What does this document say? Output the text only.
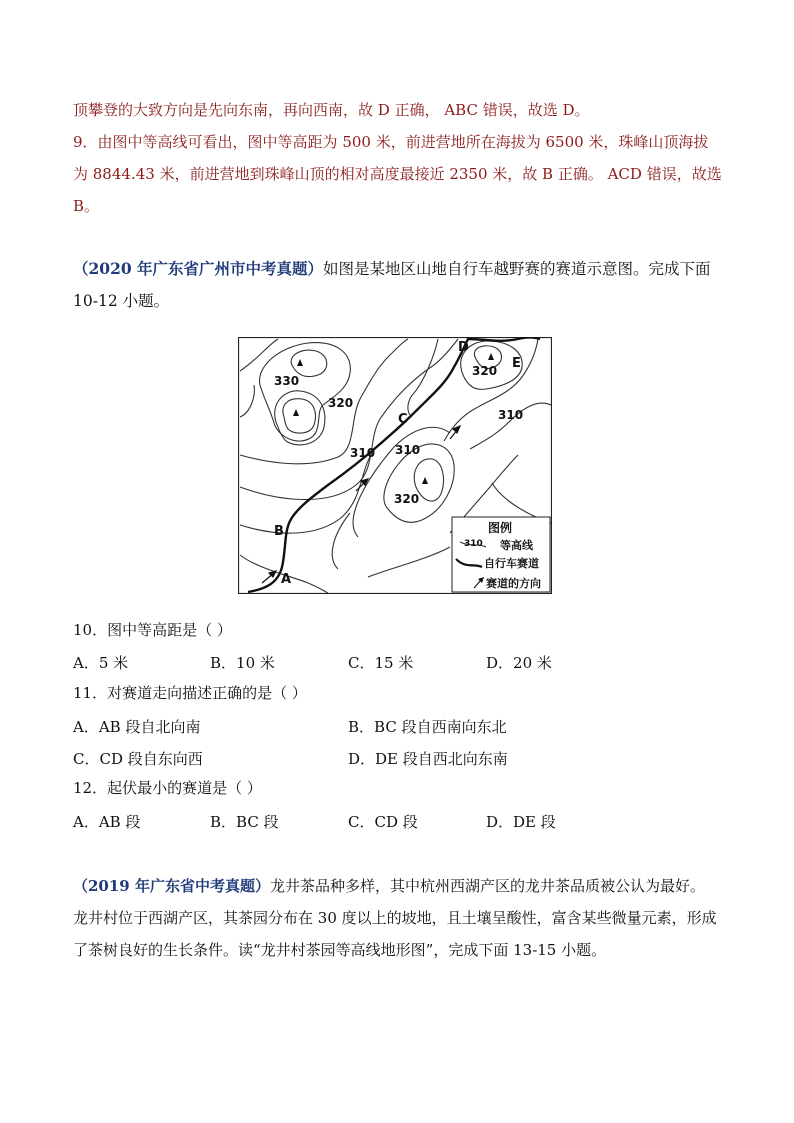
顶攀登的大致方向是先向东南，再向西南，故 D 正确， ABC 错误，故选 D。
9．由图中等高线可看出，图中等高距为 500 米，前进营地所在海拔为 6500 米，珠峰山顶海拔
为 8844.43 米，前进营地到珠峰山顶的相对高度最接近 2350 米，故 B 正确。 ACD 错误，故选
B。
（2020 年广东省广州市中考真题）如图是某地区山地自行车越野赛的赛道示意图。完成下面
10-12 小题。
330
320
310 310
320
320
310
A
B
C
D
E
图例
310 等高线
自行车赛道
赛道的方向
10．图中等高距是（ ）
A．5 米	B．10 米	C．15 米	D．20 米
11．对赛道走向描述正确的是（ ）
A．AB 段自北向南	B．BC 段自西南向东北
C．CD 段自东向西	D．DE 段自西北向东南
12．起伏最小的赛道是（ ）
A．AB 段	B．BC 段	C．CD 段	D．DE 段
（2019 年广东省中考真题）龙井茶品种多样，其中杭州西湖产区的龙井茶品质被公认为最好。
龙井村位于西湖产区，其茶园分布在 30 度以上的坡地，且土壤呈酸性，富含某些微量元素，形成
了茶树良好的生长条件。读“龙井村茶园等高线地形图”，完成下面 13-15 小题。
